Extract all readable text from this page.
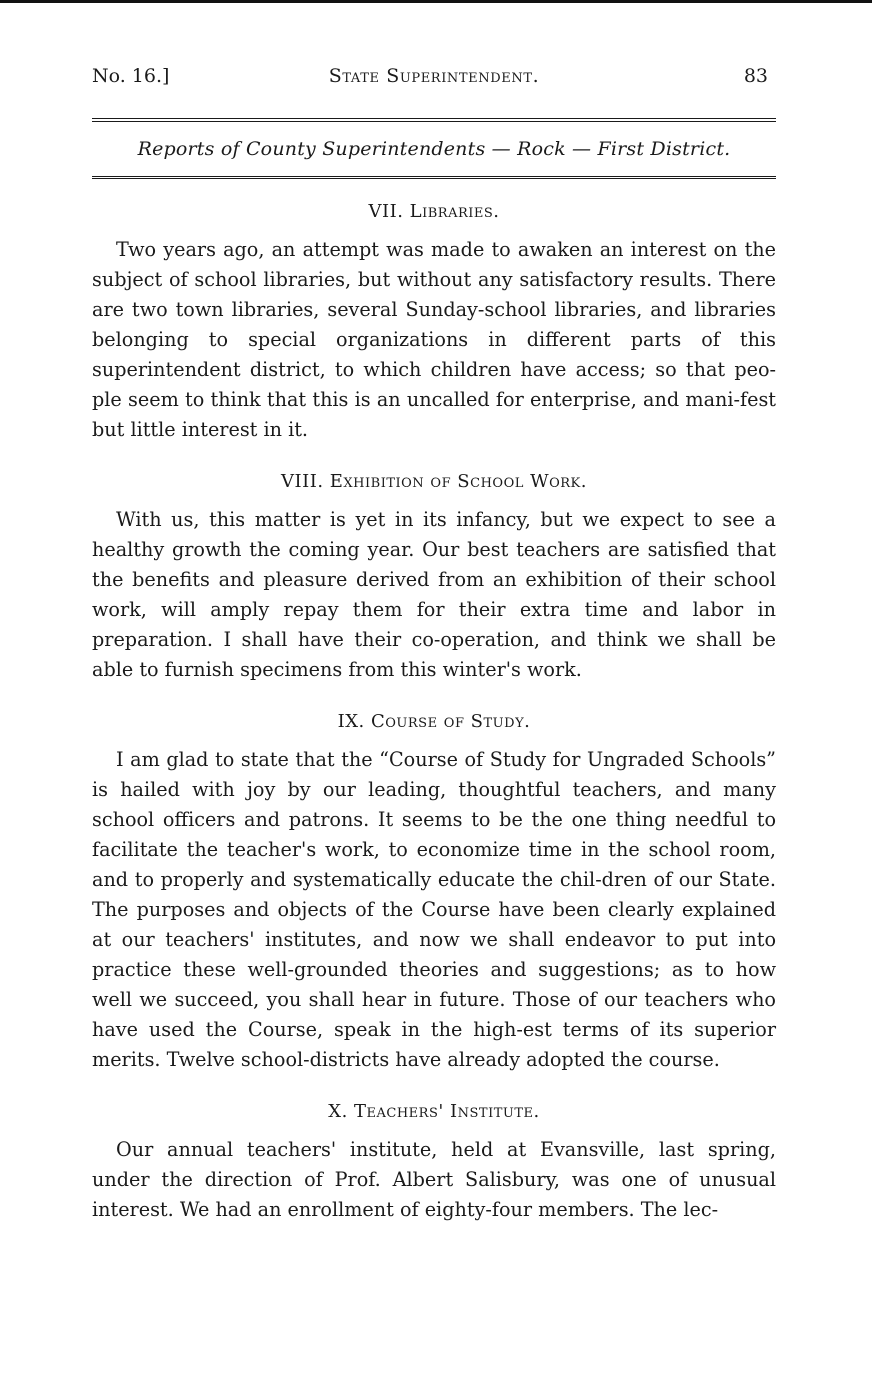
No. 16.]	State Superintendent.	83
Reports of County Superintendents — Rock — First District.
VII. Libraries.

Two years ago, an attempt was made to awaken an interest on the subject of school libraries, but without any satisfactory results. There are two town libraries, several Sunday-school libraries, and libraries belonging to special organizations in different parts of this superintendent district, to which children have access; so that peo-ple seem to think that this is an uncalled for enterprise, and mani-fest but little interest in it.

VIII. Exhibition of School Work.

With us, this matter is yet in its infancy, but we expect to see a healthy growth the coming year. Our best teachers are satisfied that the benefits and pleasure derived from an exhibition of their school work, will amply repay them for their extra time and labor in preparation. I shall have their co-operation, and think we shall be able to furnish specimens from this winter's work.

IX. Course of Study.

I am glad to state that the “Course of Study for Ungraded Schools” is hailed with joy by our leading, thoughtful teachers, and many school officers and patrons. It seems to be the one thing needful to facilitate the teacher's work, to economize time in the school room, and to properly and systematically educate the chil-dren of our State. The purposes and objects of the Course have been clearly explained at our teachers' institutes, and now we shall endeavor to put into practice these well-grounded theories and suggestions; as to how well we succeed, you shall hear in future. Those of our teachers who have used the Course, speak in the high-est terms of its superior merits. Twelve school-districts have already adopted the course.

X. Teachers' Institute.

Our annual teachers' institute, held at Evansville, last spring, under the direction of Prof. Albert Salisbury, was one of unusual interest. We had an enrollment of eighty-four members. The lec-
